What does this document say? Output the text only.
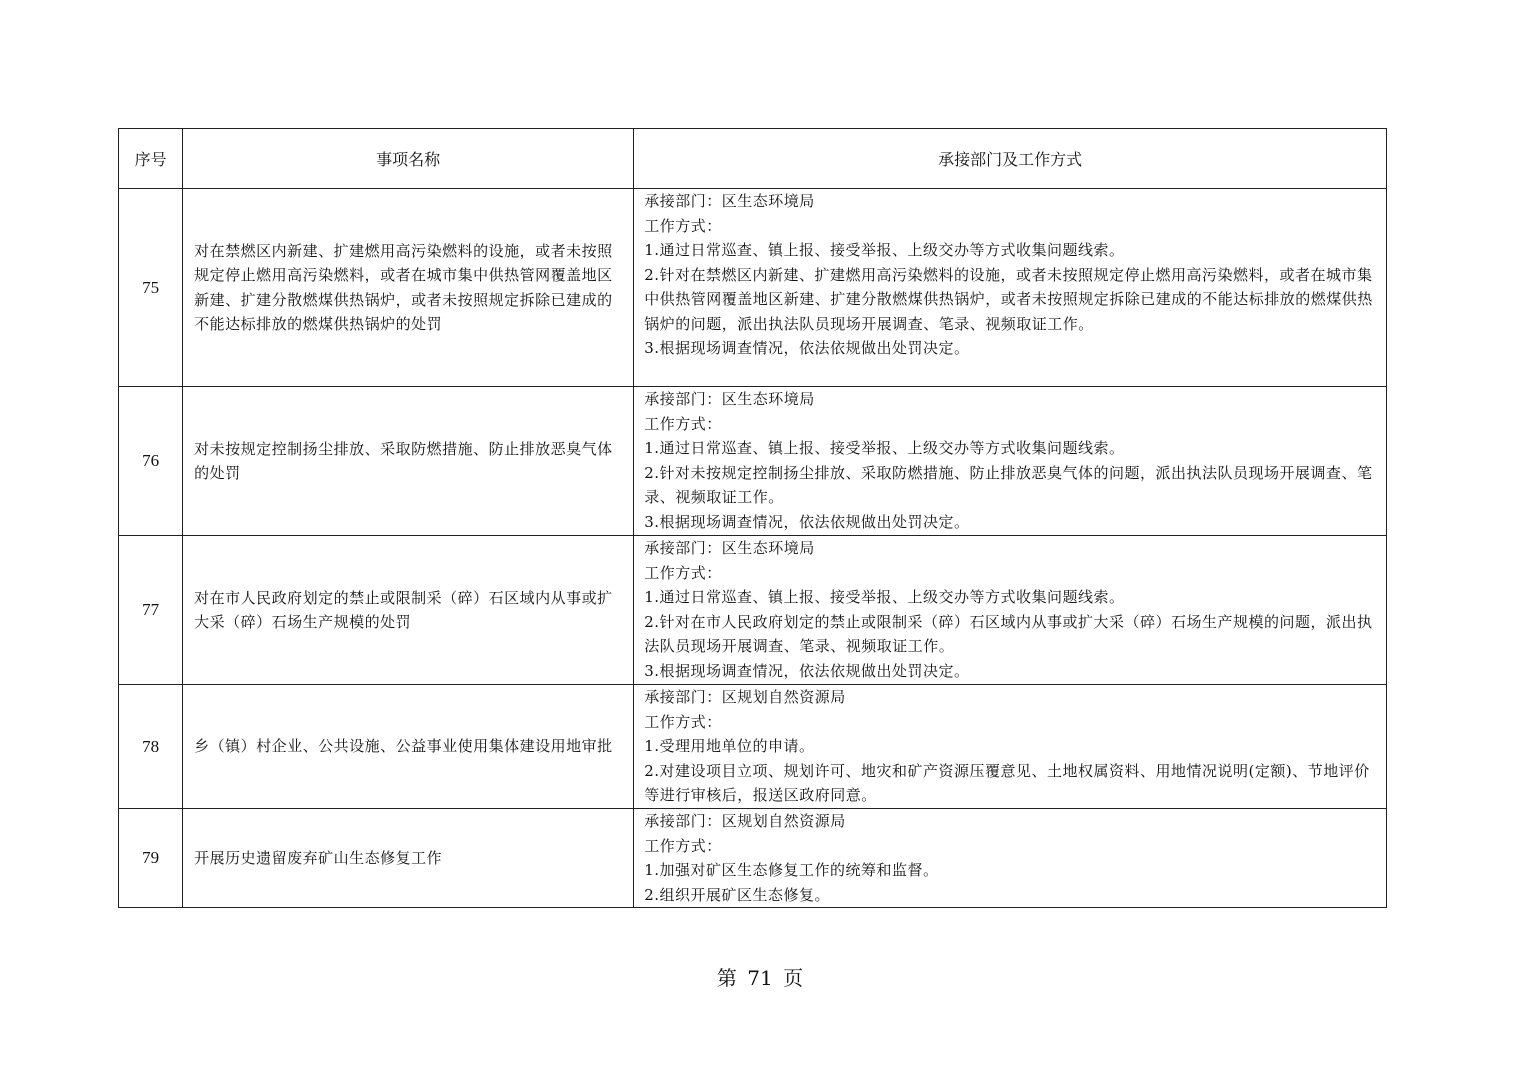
序号	事项名称	承接部门及工作方式
75	对在禁燃区内新建、扩建燃用高污染燃料的设施，或者未按照规定停止燃用高污染燃料，或者在城市集中供热管网覆盖地区新建、扩建分散燃煤供热锅炉，或者未按照规定拆除已建成的不能达标排放的燃煤供热锅炉的处罚	承接部门：区生态环境局
工作方式：
1.通过日常巡查、镇上报、接受举报、上级交办等方式收集问题线索。
2.针对在禁燃区内新建、扩建燃用高污染燃料的设施，或者未按照规定停止燃用高污染燃料，或者在城市集中供热管网覆盖地区新建、扩建分散燃煤供热锅炉，或者未按照规定拆除已建成的不能达标排放的燃煤供热锅炉的问题，派出执法队员现场开展调查、笔录、视频取证工作。
3.根据现场调查情况，依法依规做出处罚决定。

76	对未按规定控制扬尘排放、采取防燃措施、防止排放恶臭气体的处罚	承接部门：区生态环境局
工作方式：
1.通过日常巡查、镇上报、接受举报、上级交办等方式收集问题线索。
2.针对未按规定控制扬尘排放、采取防燃措施、防止排放恶臭气体的问题，派出执法队员现场开展调查、笔录、视频取证工作。
3.根据现场调查情况，依法依规做出处罚决定。

77	对在市人民政府划定的禁止或限制采（碎）石区域内从事或扩大采（碎）石场生产规模的处罚	承接部门：区生态环境局
工作方式：
1.通过日常巡查、镇上报、接受举报、上级交办等方式收集问题线索。
2.针对在市人民政府划定的禁止或限制采（碎）石区域内从事或扩大采（碎）石场生产规模的问题，派出执法队员现场开展调查、笔录、视频取证工作。
3.根据现场调查情况，依法依规做出处罚决定。

78	乡（镇）村企业、公共设施、公益事业使用集体建设用地审批	承接部门：区规划自然资源局
工作方式：
1.受理用地单位的申请。
2.对建设项目立项、规划许可、地灾和矿产资源压覆意见、土地权属资料、用地情况说明(定额)、节地评价等进行审核后，报送区政府同意。

79	开展历史遗留废弃矿山生态修复工作	承接部门：区规划自然资源局
工作方式：
1.加强对矿区生态修复工作的统筹和监督。
2.组织开展矿区生态修复。
第 71 页
